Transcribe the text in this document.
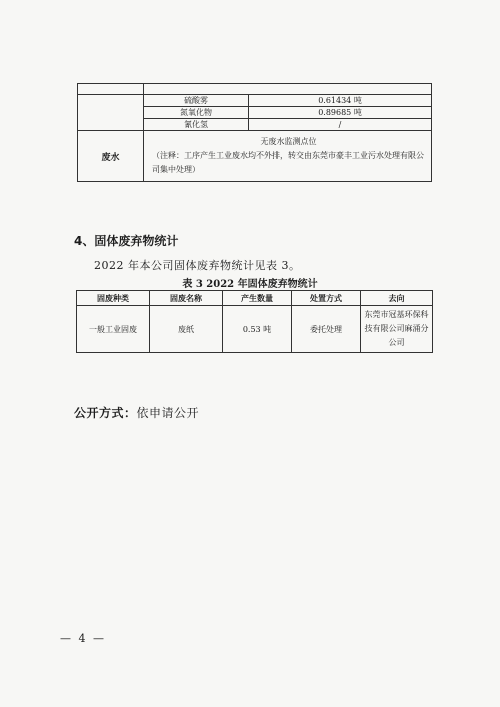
	硫酸雾	0.61434 吨
	氮氧化物	0.89685 吨
	氰化氢	/
废水	无废水监测点位
（注释：工序产生工业废水均不外排，转交由东莞市豪丰工业污水处理有限公司集中处理）	
4、固体废弃物统计
2022 年本公司固体废弃物统计见表 3。
表 3 2022 年固体废弃物统计
固废种类	固废名称	产生数量	处置方式	去向
一般工业固废	废纸	0.53 吨	委托处理	东莞市冠基环保科技有限公司麻涌分公司
公开方式：依申请公开
— 4 —
